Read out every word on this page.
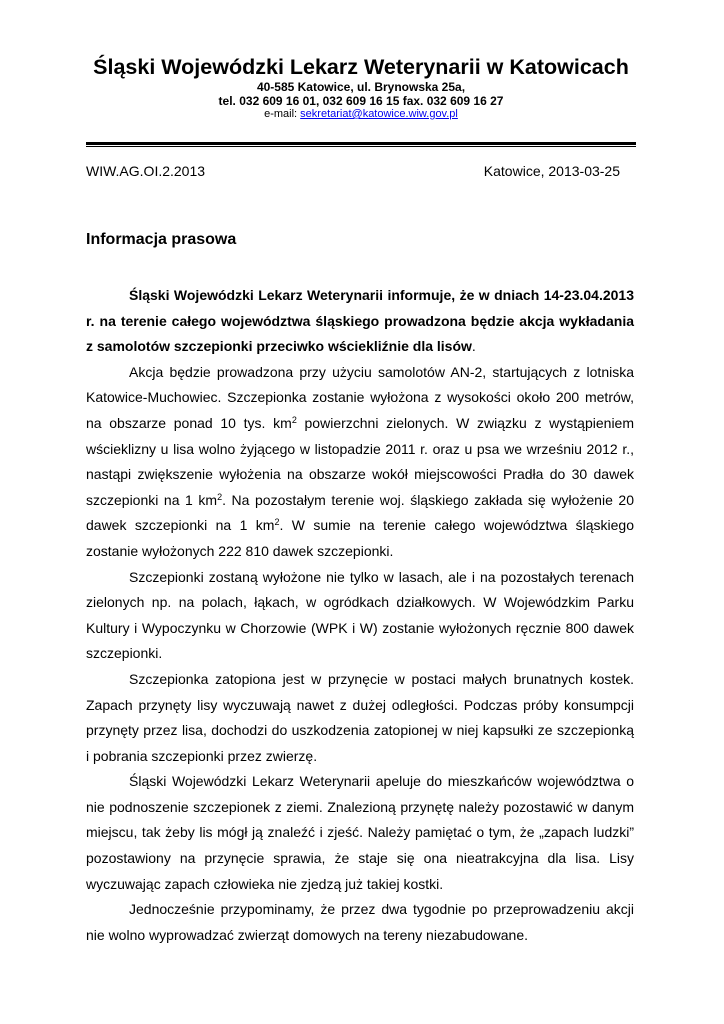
Śląski Wojewódzki Lekarz Weterynarii w Katowicach
40-585 Katowice, ul. Brynowska 25a,
tel. 032 609 16 01, 032 609 16 15 fax. 032 609 16 27
e-mail: sekretariat@katowice.wiw.gov.pl
WIW.AG.OI.2.2013	Katowice, 2013-03-25
Informacja prasowa

Śląski Wojewódzki Lekarz Weterynarii informuje, że w dniach 14-23.04.2013 r. na terenie całego województwa śląskiego prowadzona będzie akcja wykładania z samolotów szczepionki przeciwko wściekliźnie dla lisów.

Akcja będzie prowadzona przy użyciu samolotów AN-2, startujących z lotniska Katowice-Muchowiec. Szczepionka zostanie wyłożona z wysokości około 200 metrów, na obszarze ponad 10 tys. $km^2$ powierzchni zielonych. W związku z wystąpieniem wścieklizny u lisa wolno żyjącego w listopadzie 2011 r. oraz u psa we wrześniu 2012 r., nastąpi zwiększenie wyłożenia na obszarze wokół miejscowości Pradła do 30 dawek szczepionki na 1 $km^2$. Na pozostałym terenie woj. śląskiego zakłada się wyłożenie 20 dawek szczepionki na 1 $km^2$. W sumie na terenie całego województwa śląskiego zostanie wyłożonych 222 810 dawek szczepionki.

Szczepionki zostaną wyłożone nie tylko w lasach, ale i na pozostałych terenach zielonych np. na polach, łąkach, w ogródkach działkowych. W Wojewódzkim Parku Kultury i Wypoczynku w Chorzowie (WPK i W) zostanie wyłożonych ręcznie 800 dawek szczepionki.

Szczepionka zatopiona jest w przynęcie w postaci małych brunatnych kostek. Zapach przynęty lisy wyczuwają nawet z dużej odległości. Podczas próby konsumpcji przynęty przez lisa, dochodzi do uszkodzenia zatopionej w niej kapsułki ze szczepionką i pobrania szczepionki przez zwierzę.

Śląski Wojewódzki Lekarz Weterynarii apeluje do mieszkańców województwa o nie podnoszenie szczepionek z ziemi. Znalezioną przynętę należy pozostawić w danym miejscu, tak żeby lis mógł ją znaleźć i zjeść. Należy pamiętać o tym, że „zapach ludzki” pozostawiony na przynęcie sprawia, że staje się ona nieatrakcyjna dla lisa. Lisy wyczuwając zapach człowieka nie zjedzą już takiej kostki.

Jednocześnie przypominamy, że przez dwa tygodnie po przeprowadzeniu akcji nie wolno wyprowadzać zwierząt domowych na tereny niezabudowane.
